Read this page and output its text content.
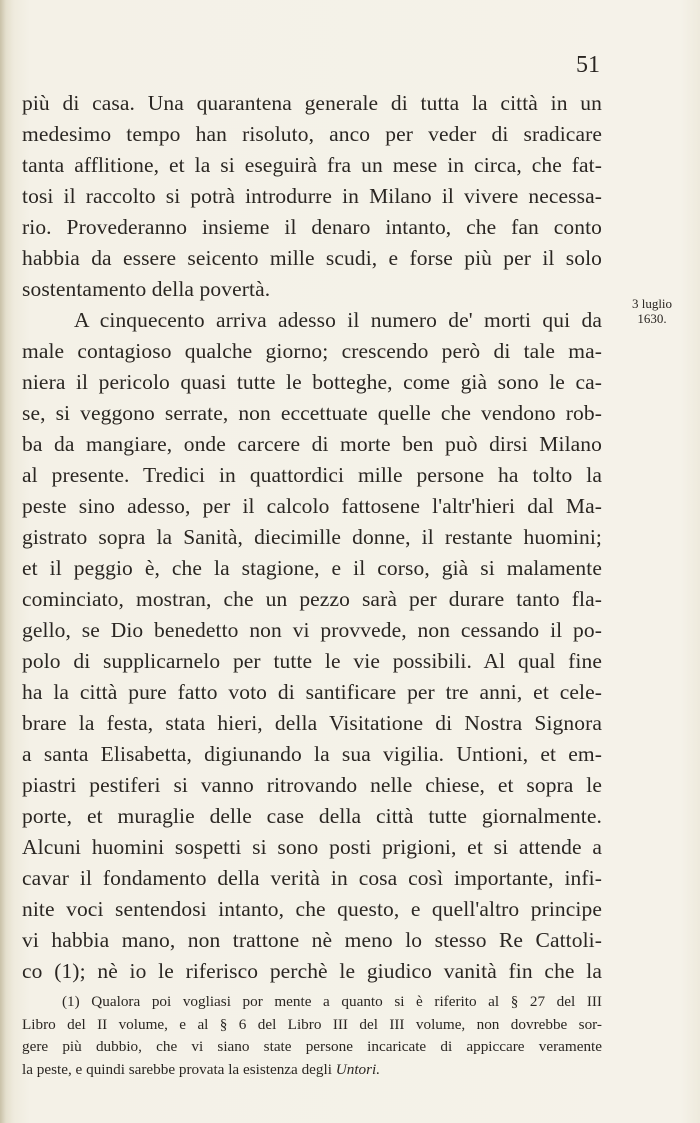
51
3 luglio
1630.
più di casa. Una quarantena generale di tutta la città in un
medesimo tempo han risoluto, anco per veder di sradicare
tanta afflitione, et la si eseguirà fra un mese in circa, che fat-
tosi il raccolto si potrà introdurre in Milano il vivere necessa-
rio. Provederanno insieme il denaro intanto, che fan conto
habbia da essere seicento mille scudi, e forse più per il solo
sostentamento della povertà.
A cinquecento arriva adesso il numero de' morti qui da
male contagioso qualche giorno; crescendo però di tale ma-
niera il pericolo quasi tutte le botteghe, come già sono le ca-
se, si veggono serrate, non eccettuate quelle che vendono rob-
ba da mangiare, onde carcere di morte ben può dirsi Milano
al presente. Tredici in quattordici mille persone ha tolto la
peste sino adesso, per il calcolo fattosene l'altr'hieri dal Ma-
gistrato sopra la Sanità, diecimille donne, il restante huomini;
et il peggio è, che la stagione, e il corso, già si malamente
cominciato, mostran, che un pezzo sarà per durare tanto fla-
gello, se Dio benedetto non vi provvede, non cessando il po-
polo di supplicarnelo per tutte le vie possibili. Al qual fine
ha la città pure fatto voto di santificare per tre anni, et cele-
brare la festa, stata hieri, della Visitatione di Nostra Signora
a santa Elisabetta, digiunando la sua vigilia. Untioni, et em-
piastri pestiferi si vanno ritrovando nelle chiese, et sopra le
porte, et muraglie delle case della città tutte giornalmente.
Alcuni huomini sospetti si sono posti prigioni, et si attende a
cavar il fondamento della verità in cosa così importante, infi-
nite voci sentendosi intanto, che questo, e quell'altro principe
vi habbia mano, non trattone nè meno lo stesso Re Cattoli-
co (1); nè io le riferisco perchè le giudico vanità fin che la
(1) Qualora poi vogliasi por mente a quanto si è riferito al § 27 del III
Libro del II volume, e al § 6 del Libro III del III volume, non dovrebbe sor-
gere più dubbio, che vi siano state persone incaricate di appiccare veramente
la peste, e quindi sarebbe provata la esistenza degli Untori.
